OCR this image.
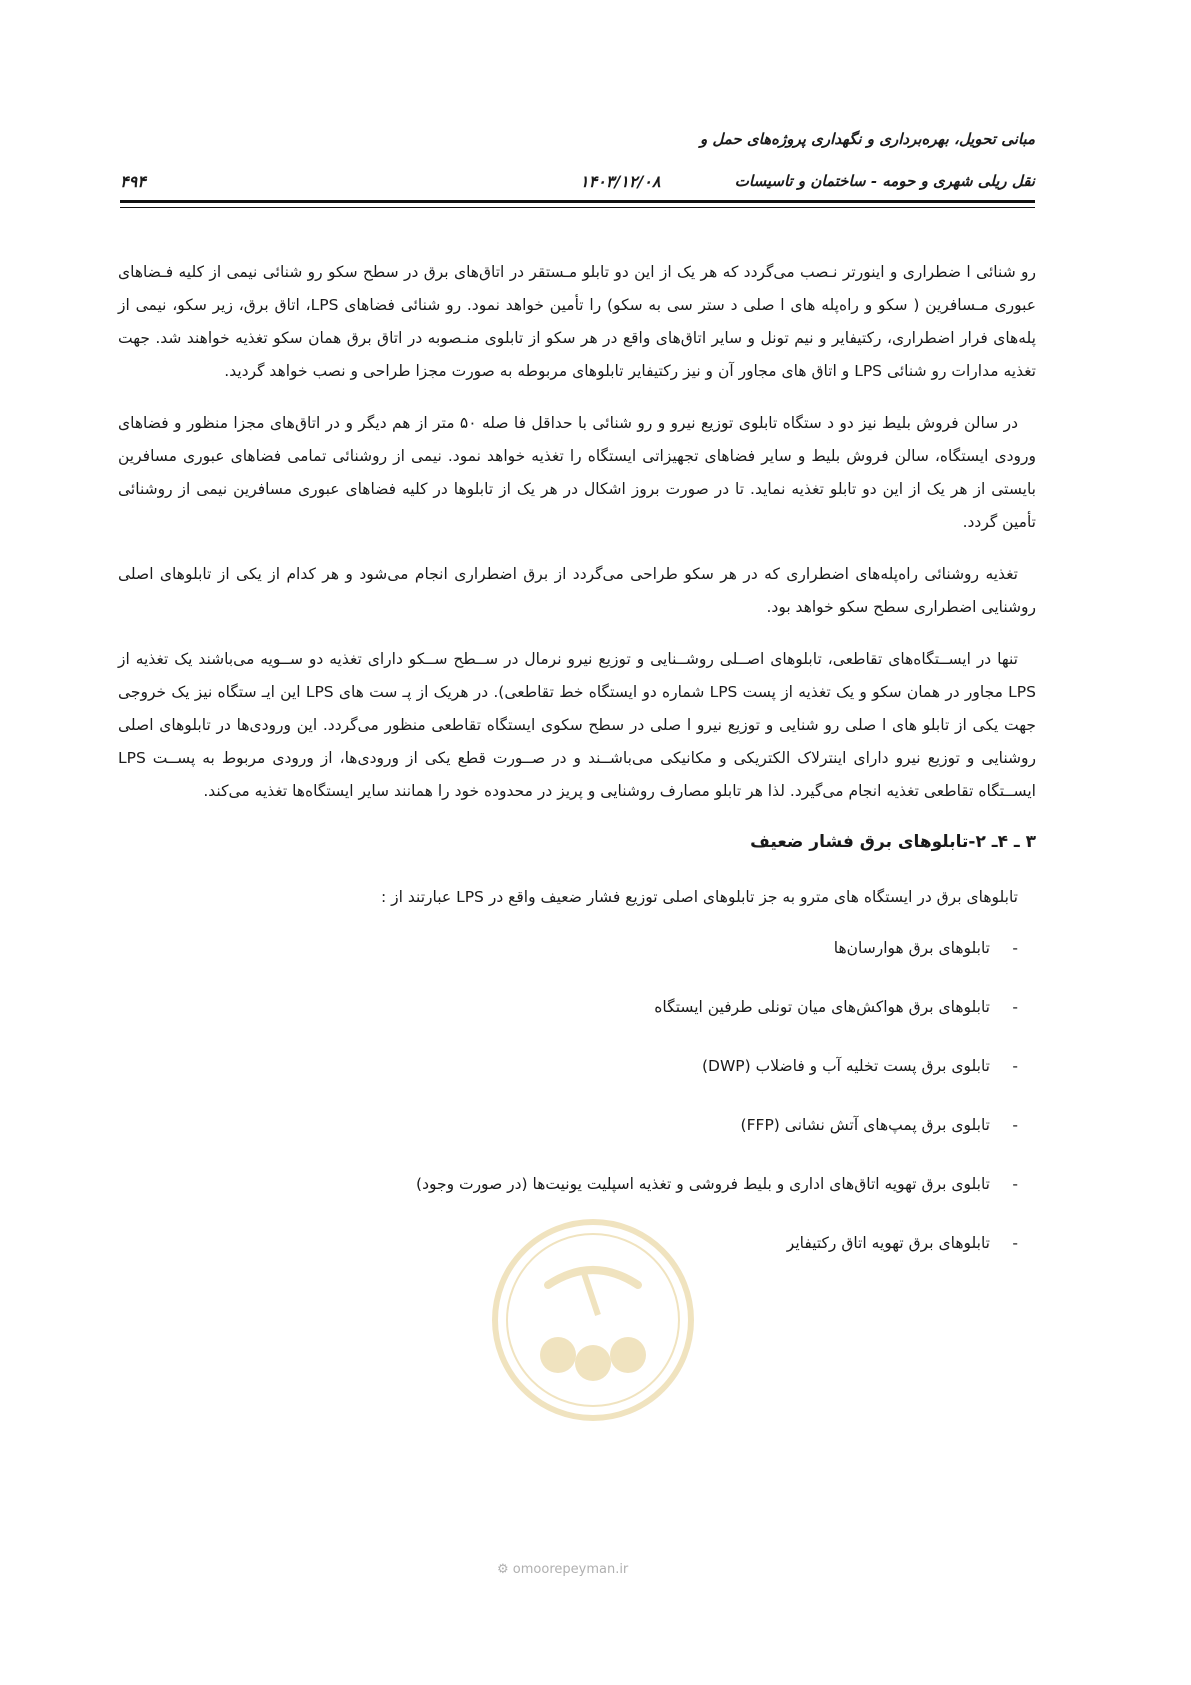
مبانی تحویل، بهره‌برداری و نگهداری پروژه‌های حمل و
نقل ریلی شهری و حومه - ساختمان و تاسیسات
۱۴۰۳/۱۲/۰۸
۴۹۴

رو شنائی ا ضطراری و اینورتر نـصب می‌گردد که هر یک از این دو تابلو مـستقر در اتاق‌های برق در سطح سکو رو شنائی نیمی از کلیه فـضاهای عبوری مـسافرین ( سکو و راه‌پله های ا صلی د ستر سی به سکو) را تأمین خواهد نمود. رو شنائی فضاهای LPS، اتاق برق، زیر سکو، نیمی از پله‌های فرار اضطراری، رکتیفایر و نیم تونل و سایر اتاق‌های واقع در هر سکو از تابلوی منـصوبه در اتاق برق همان سکو تغذیه خواهند شد. جهت تغذیه مدارات رو شنائی LPS و اتاق های مجاور آن و نیز رکتیفایر تابلوهای مربوطه به صورت مجزا طراحی و نصب خواهد گردید.

در سالن فروش بلیط نیز دو د ستگاه تابلوی توزیع نیرو و رو شنائی با حداقل فا صله ۵۰ متر از هم دیگر و در اتاق‌های مجزا منظور و فضاهای ورودی ایستگاه، سالن فروش بلیط و سایر فضاهای تجهیزاتی ایستگاه را تغذیه خواهد نمود. نیمی از روشنائی تمامی فضاهای عبوری مسافرین بایستی از هر یک از این دو تابلو تغذیه نماید. تا در صورت بروز اشکال در هر یک از تابلوها در کلیه فضاهای عبوری مسافرین نیمی از روشنائی تأمین گردد.

تغذیه روشنائی راه‌پله‌های اضطراری که در هر سکو طراحی می‌گردد از برق اضطراری انجام می‌شود و هر کدام از یکی از تابلوهای اصلی روشنایی اضطراری سطح سکو خواهد بود.

تنها در ایســتگاه‌های تقاطعی، تابلوهای اصــلی روشــنایی و توزیع نیرو نرمال در ســطح ســکو دارای تغذیه دو ســویه می‌باشند یک تغذیه از LPS مجاور در همان سکو و یک تغذیه از پست LPS شماره دو ایستگاه خط تقاطعی). در هریک از پـ ست های LPS این ایـ ستگاه نیز یک خروجی جهت یکی از تابلو های ا صلی رو شنایی و توزیع نیرو ا صلی در سطح سکوی ایستگاه تقاطعی منظور می‌گردد. این ورودی‌ها در تابلوهای اصلی روشنایی و توزیع نیرو دارای اینترلاک الکتریکی و مکانیکی می‌باشــند و در صــورت قطع یکی از ورودی‌ها، از ورودی مربوط به پســت LPS ایســتگاه تقاطعی تغذیه انجام می‌گیرد. لذا هر تابلو مصارف روشنایی و پریز در محدوده خود را همانند سایر ایستگاه‌ها تغذیه می‌کند.

۳ ـ ۴ـ ۲-تابلوهای برق فشار ضعیف

تابلوهای برق در ایستگاه های مترو به جز تابلوهای اصلی توزیع فشار ضعیف واقع در LPS عبارتند از :

-تابلوهای برق هوارسان‌ها
-تابلوهای برق هواکش‌های میان تونلی طرفین ایستگاه
-تابلوی برق پست تخلیه آب و فاضلاب (DWP)
-تابلوی برق پمپ‌های آتش نشانی (FFP)
-تابلوی برق تهویه اتاق‌های اداری و بلیط فروشی و تغذیه اسپلیت یونیت‌ها (در صورت وجود)
-تابلوهای برق تهویه اتاق رکتیفایر
⚙ omoorepeyman.ir
